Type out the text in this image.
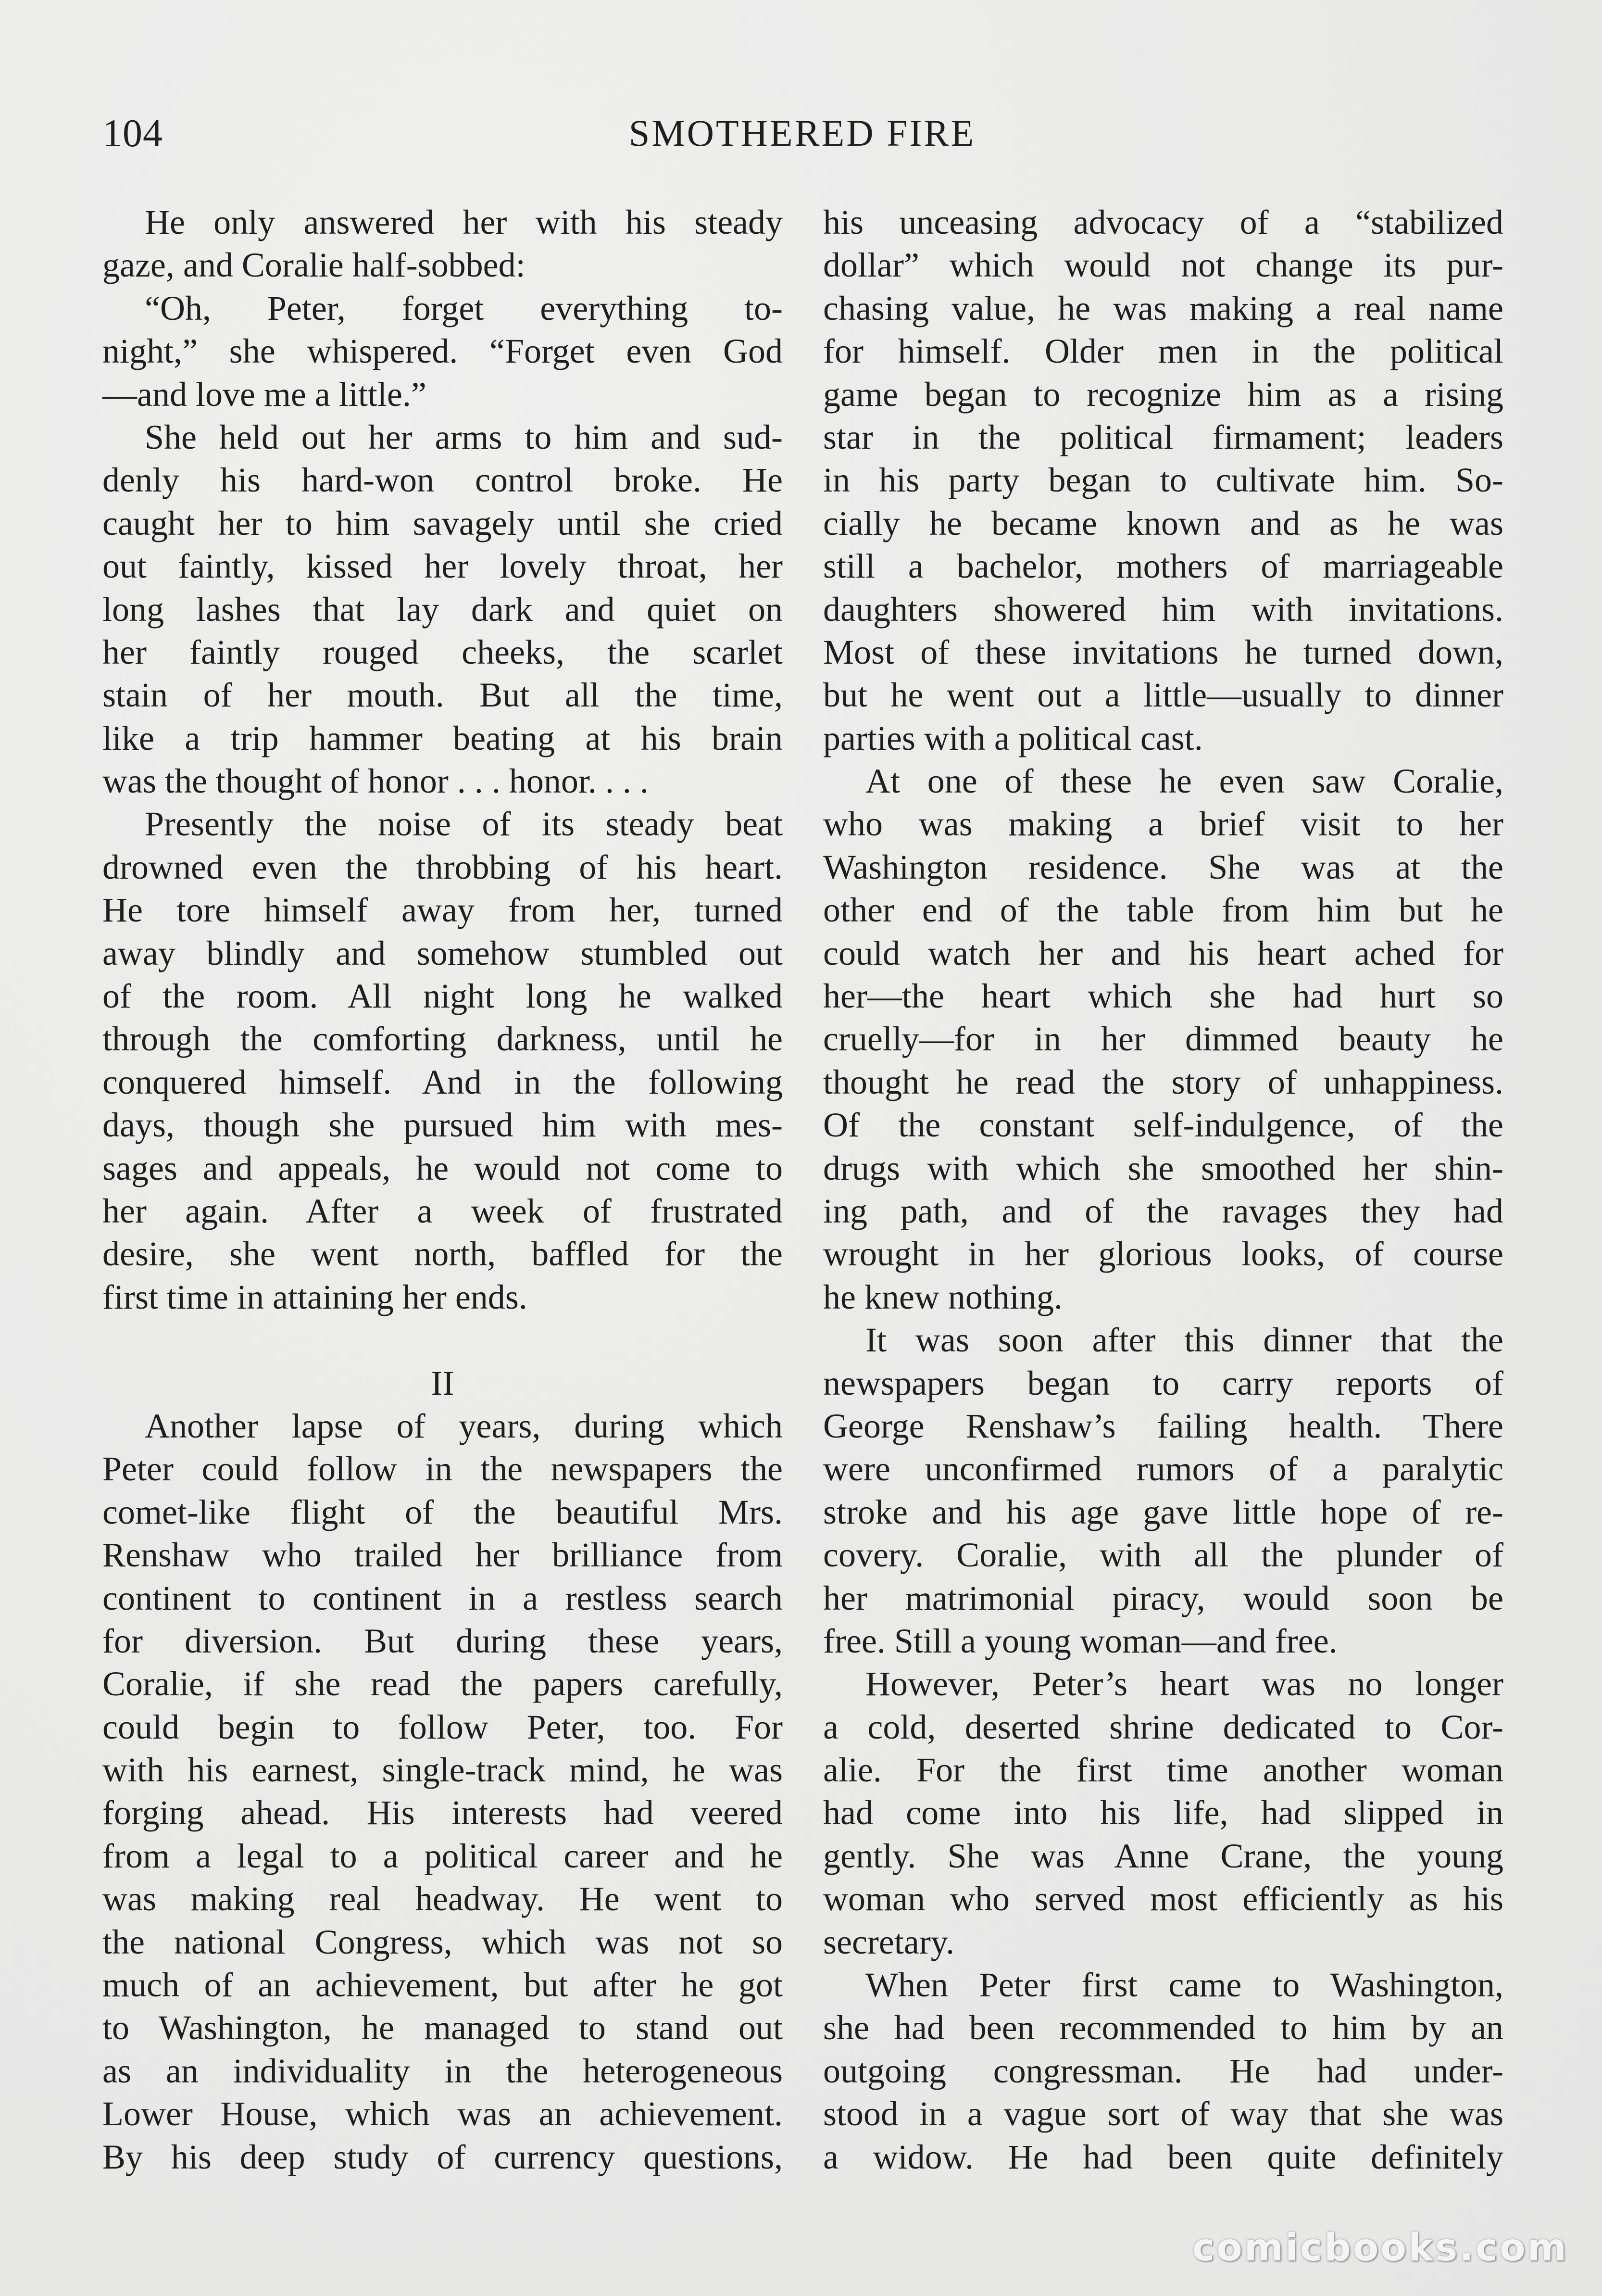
104	SMOTHERED FIRE
He only answered her with his steady
gaze, and Coralie half-sobbed:
“Oh, Peter, forget everything to-
night,” she whispered. “Forget even God
—and love me a little.”
She held out her arms to him and sud-
denly his hard-won control broke. He
caught her to him savagely until she cried
out faintly, kissed her lovely throat, her
long lashes that lay dark and quiet on
her faintly rouged cheeks, the scarlet
stain of her mouth. But all the time,
like a trip hammer beating at his brain
was the thought of honor . . . honor. . . .
Presently the noise of its steady beat
drowned even the throbbing of his heart.
He tore himself away from her, turned
away blindly and somehow stumbled out
of the room. All night long he walked
through the comforting darkness, until he
conquered himself. And in the following
days, though she pursued him with mes-
sages and appeals, he would not come to
her again. After a week of frustrated
desire, she went north, baffled for the
first time in attaining her ends.
II
Another lapse of years, during which
Peter could follow in the newspapers the
comet-like flight of the beautiful Mrs.
Renshaw who trailed her brilliance from
continent to continent in a restless search
for diversion. But during these years,
Coralie, if she read the papers carefully,
could begin to follow Peter, too. For
with his earnest, single-track mind, he was
forging ahead. His interests had veered
from a legal to a political career and he
was making real headway. He went to
the national Congress, which was not so
much of an achievement, but after he got
to Washington, he managed to stand out
as an individuality in the heterogeneous
Lower House, which was an achievement.
By his deep study of currency questions,
his unceasing advocacy of a “stabilized
dollar” which would not change its pur-
chasing value, he was making a real name
for himself. Older men in the political
game began to recognize him as a rising
star in the political firmament; leaders
in his party began to cultivate him. So-
cially he became known and as he was
still a bachelor, mothers of marriageable
daughters showered him with invitations.
Most of these invitations he turned down,
but he went out a little—usually to dinner
parties with a political cast.
At one of these he even saw Coralie,
who was making a brief visit to her
Washington residence. She was at the
other end of the table from him but he
could watch her and his heart ached for
her—the heart which she had hurt so
cruelly—for in her dimmed beauty he
thought he read the story of unhappiness.
Of the constant self-indulgence, of the
drugs with which she smoothed her shin-
ing path, and of the ravages they had
wrought in her glorious looks, of course
he knew nothing.
It was soon after this dinner that the
newspapers began to carry reports of
George Renshaw’s failing health. There
were unconfirmed rumors of a paralytic
stroke and his age gave little hope of re-
covery. Coralie, with all the plunder of
her matrimonial piracy, would soon be
free. Still a young woman—and free.
However, Peter’s heart was no longer
a cold, deserted shrine dedicated to Cor-
alie. For the first time another woman
had come into his life, had slipped in
gently. She was Anne Crane, the young
woman who served most efficiently as his
secretary.
When Peter first came to Washington,
she had been recommended to him by an
outgoing congressman. He had under-
stood in a vague sort of way that she was
a widow. He had been quite definitely
comicbooks.com
